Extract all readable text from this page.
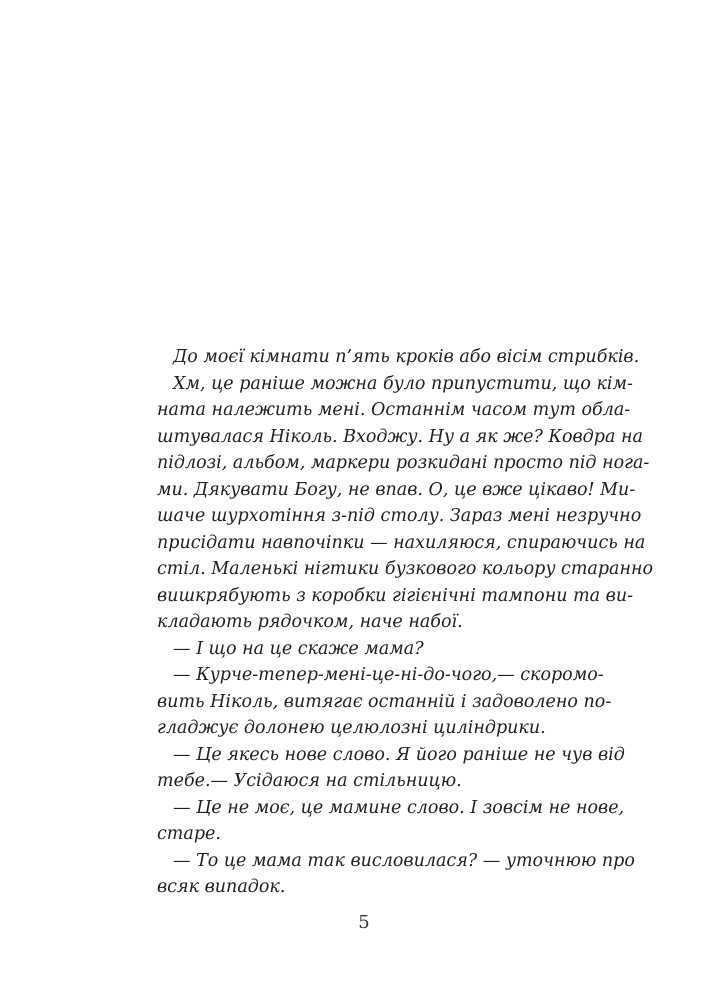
До моєї кімнати п’ять кроків або вісім стрибків.
Хм, це раніше можна було припустити, що кім-
ната належить мені. Останнім часом тут обла-
штувалася Ніколь. Входжу. Ну а як же? Ковдра на
підлозі, альбом, маркери розкидані просто під нога-
ми. Дякувати Богу, не впав. О, це вже цікаво! Ми-
шаче шурхотіння з-під столу. Зараз мені незручно
присідати навпочіпки — нахиляюся, спираючись на
стіл. Маленькі нігтики бузкового кольору старанно
вишкрябують з коробки гігієнічні тампони та ви-
кладають рядочком, наче набої.
— І що на це скаже мама?
— Курче-тепер-мені-це-ні-до-чого,— скоромо-
вить Ніколь, витягає останній і задоволено по-
гладжує долонею целюлозні циліндрики.
— Це якесь нове слово. Я його раніше не чув від
тебе.— Усідаюся на стільницю.
— Це не моє, це мамине слово. І зовсім не нове,
старе.
— То це мама так висловилася? — уточнюю про
всяк випадок.
5
